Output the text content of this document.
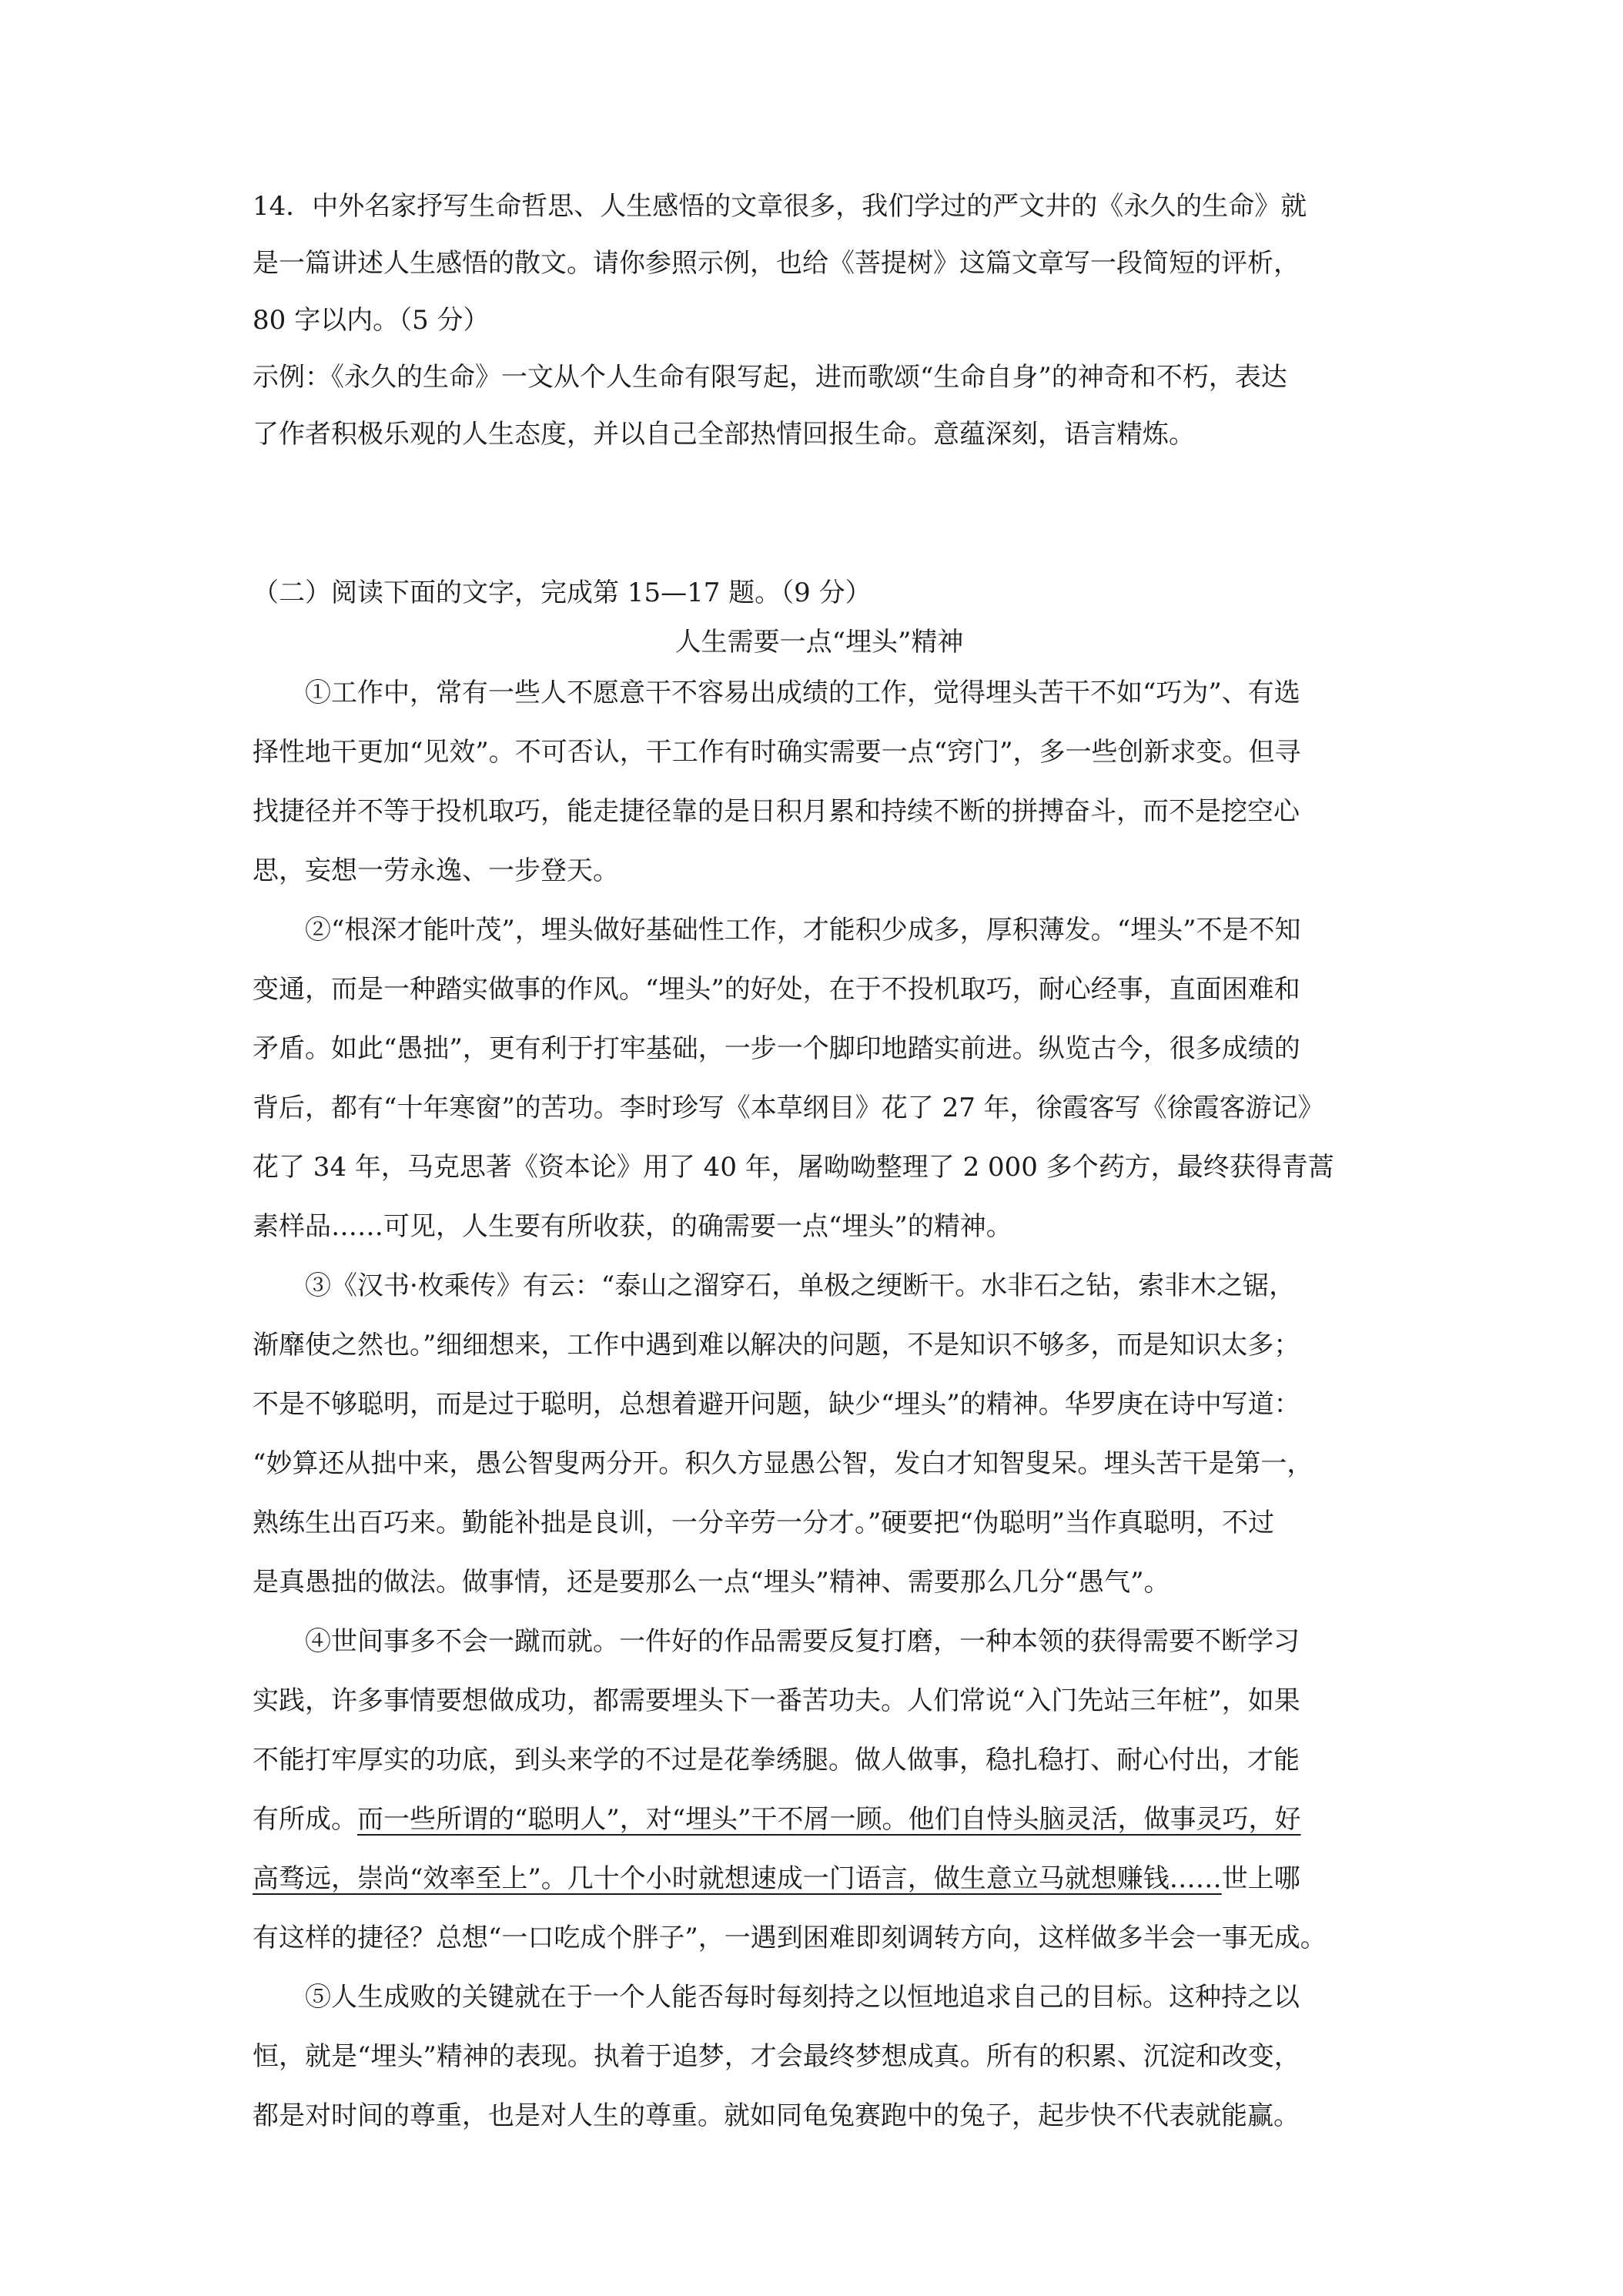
14．中外名家抒写生命哲思、人生感悟的文章很多，我们学过的严文井的《永久的生命》就

是一篇讲述人生感悟的散文。请你参照示例，也给《菩提树》这篇文章写一段简短的评析，

80 字以内。（5 分）

示例：《永久的生命》一文从个人生命有限写起，进而歌颂“生命自身”的神奇和不朽，表达

了作者积极乐观的人生态度，并以自己全部热情回报生命。意蕴深刻，语言精炼。

（二）阅读下面的文字，完成第 15—17 题。（9 分）

人生需要一点“埋头”精神

①工作中，常有一些人不愿意干不容易出成绩的工作，觉得埋头苦干不如“巧为”、有选

择性地干更加“见效”。不可否认，干工作有时确实需要一点“窍门”，多一些创新求变。但寻

找捷径并不等于投机取巧，能走捷径靠的是日积月累和持续不断的拼搏奋斗，而不是挖空心

思，妄想一劳永逸、一步登天。

②“根深才能叶茂”，埋头做好基础性工作，才能积少成多，厚积薄发。“埋头”不是不知

变通，而是一种踏实做事的作风。“埋头”的好处，在于不投机取巧，耐心经事，直面困难和

矛盾。如此“愚拙”，更有利于打牢基础，一步一个脚印地踏实前进。纵览古今，很多成绩的

背后，都有“十年寒窗”的苦功。李时珍写《本草纲目》花了 27 年，徐霞客写《徐霞客游记》

花了 34 年，马克思著《资本论》用了 40 年，屠呦呦整理了 2 000 多个药方，最终获得青蒿

素样品……可见，人生要有所收获，的确需要一点“埋头”的精神。

③《汉书·枚乘传》有云：“泰山之溜穿石，单极之绠断干。水非石之钻，索非木之锯，

渐靡使之然也。”细细想来，工作中遇到难以解决的问题，不是知识不够多，而是知识太多；

不是不够聪明，而是过于聪明，总想着避开问题，缺少“埋头”的精神。华罗庚在诗中写道：

“妙算还从拙中来，愚公智叟两分开。积久方显愚公智，发白才知智叟呆。埋头苦干是第一，

熟练生出百巧来。勤能补拙是良训，一分辛劳一分才。”硬要把“伪聪明”当作真聪明，不过

是真愚拙的做法。做事情，还是要那么一点“埋头”精神、需要那么几分“愚气”。

④世间事多不会一蹴而就。一件好的作品需要反复打磨，一种本领的获得需要不断学习

实践，许多事情要想做成功，都需要埋头下一番苦功夫。人们常说“入门先站三年桩”，如果

不能打牢厚实的功底，到头来学的不过是花拳绣腿。做人做事，稳扎稳打、耐心付出，才能

有所成。而一些所谓的“聪明人”，对“埋头”干不屑一顾。他们自恃头脑灵活，做事灵巧，好

高骛远，崇尚“效率至上”。几十个小时就想速成一门语言，做生意立马就想赚钱……世上哪

有这样的捷径？总想“一口吃成个胖子”，一遇到困难即刻调转方向，这样做多半会一事无成。

⑤人生成败的关键就在于一个人能否每时每刻持之以恒地追求自己的目标。这种持之以

恒，就是“埋头”精神的表现。执着于追梦，才会最终梦想成真。所有的积累、沉淀和改变，

都是对时间的尊重，也是对人生的尊重。就如同龟兔赛跑中的兔子，起步快不代表就能赢。
